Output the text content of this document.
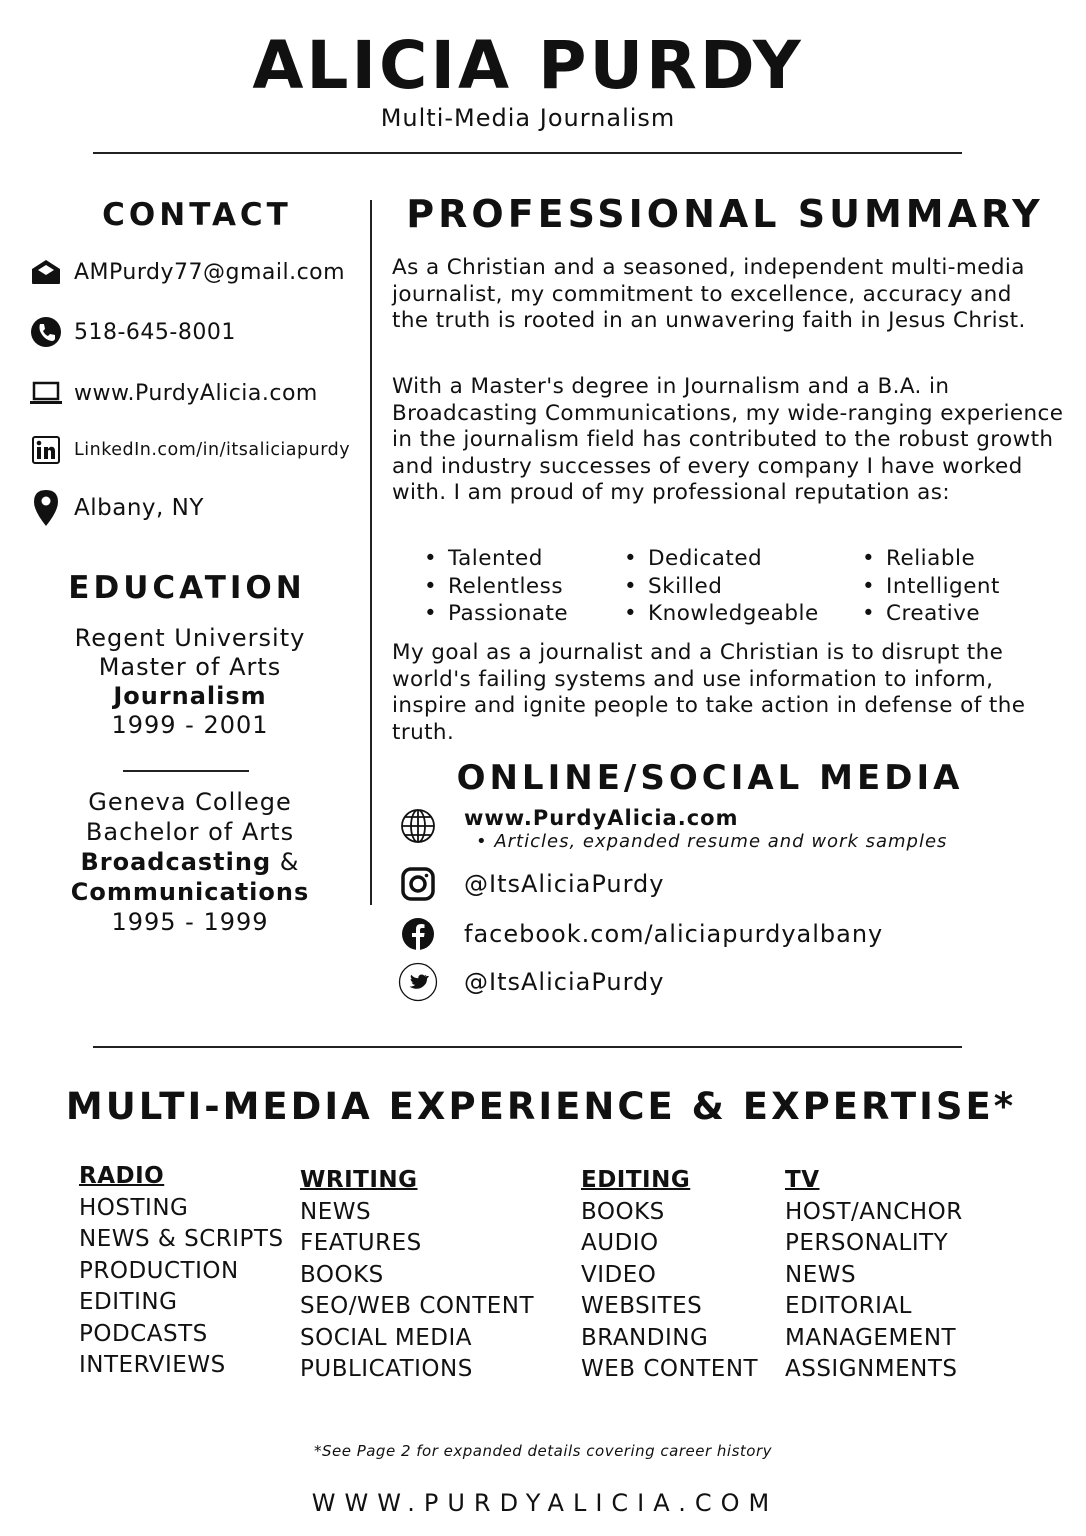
ALICIA PURDY
Multi-Media Journalism
CONTACT
AMPurdy77@gmail.com
518-645-8001
www.PurdyAlicia.com
LinkedIn.com/in/itsaliciapurdy
Albany, NY
EDUCATION
Regent University
Master of Arts
Journalism
1999 - 2001
Geneva College
Bachelor of Arts
Broadcasting &
Communications
1995 - 1999
PROFESSIONAL SUMMARY
As a Christian and a seasoned, independent multi-media journalist, my commitment to excellence, accuracy and the truth is rooted in an unwavering faith in Jesus Christ.
With a Master's degree in Journalism and a B.A. in Broadcasting Communications, my wide-ranging experience in the journalism field has contributed to the robust growth and industry successes of every company I have worked with. I am proud of my professional reputation as:
• Talented
• Relentless
• Passionate
• Dedicated
• Skilled
• Knowledgeable
• Reliable
• Intelligent
• Creative
My goal as a journalist and a Christian is to disrupt the world's failing systems and use information to inform, inspire and ignite people to take action in defense of the truth.
ONLINE/SOCIAL MEDIA
www.PurdyAlicia.com
• Articles, expanded resume and work samples
@ItsAliciaPurdy
facebook.com/aliciapurdyalbany
@ItsAliciaPurdy
MULTI-MEDIA EXPERIENCE & EXPERTISE*
RADIO
HOSTING
NEWS & SCRIPTS
PRODUCTION
EDITING
PODCASTS
INTERVIEWS
WRITING
NEWS
FEATURES
BOOKS
SEO/WEB CONTENT
SOCIAL MEDIA
PUBLICATIONS
EDITING
BOOKS
AUDIO
VIDEO
WEBSITES
BRANDING
WEB CONTENT
TV
HOST/ANCHOR
PERSONALITY
NEWS
EDITORIAL
MANAGEMENT
ASSIGNMENTS
*See Page 2 for expanded details covering career history
WWW.PURDYALICIA.COM
